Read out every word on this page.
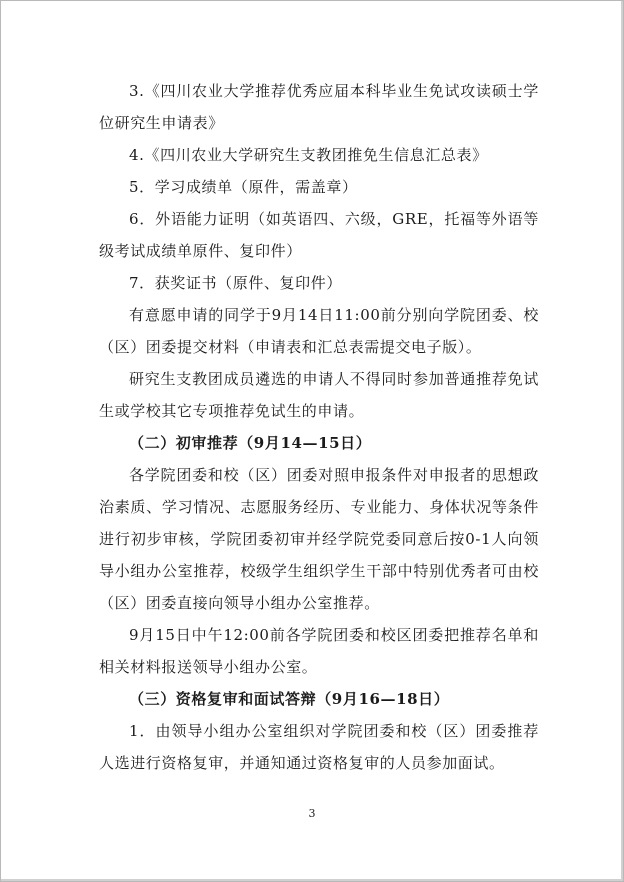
3.《四川农业大学推荐优秀应届本科毕业生免试攻读硕士学位研究生申请表》

4.《四川农业大学研究生支教团推免生信息汇总表》

5．学习成绩单（原件，需盖章）

6．外语能力证明（如英语四、六级，GRE，托福等外语等级考试成绩单原件、复印件）

7．获奖证书（原件、复印件）

有意愿申请的同学于9月14日11:00前分别向学院团委、校（区）团委提交材料（申请表和汇总表需提交电子版）。

研究生支教团成员遴选的申请人不得同时参加普通推荐免试生或学校其它专项推荐免试生的申请。

（二）初审推荐（9月14—15日）

各学院团委和校（区）团委对照申报条件对申报者的思想政治素质、学习情况、志愿服务经历、专业能力、身体状况等条件进行初步审核，学院团委初审并经学院党委同意后按0-1人向领导小组办公室推荐，校级学生组织学生干部中特别优秀者可由校（区）团委直接向领导小组办公室推荐。

9月15日中午12:00前各学院团委和校区团委把推荐名单和相关材料报送领导小组办公室。

（三）资格复审和面试答辩（9月16—18日）

1．由领导小组办公室组织对学院团委和校（区）团委推荐人选进行资格复审，并通知通过资格复审的人员参加面试。

3
